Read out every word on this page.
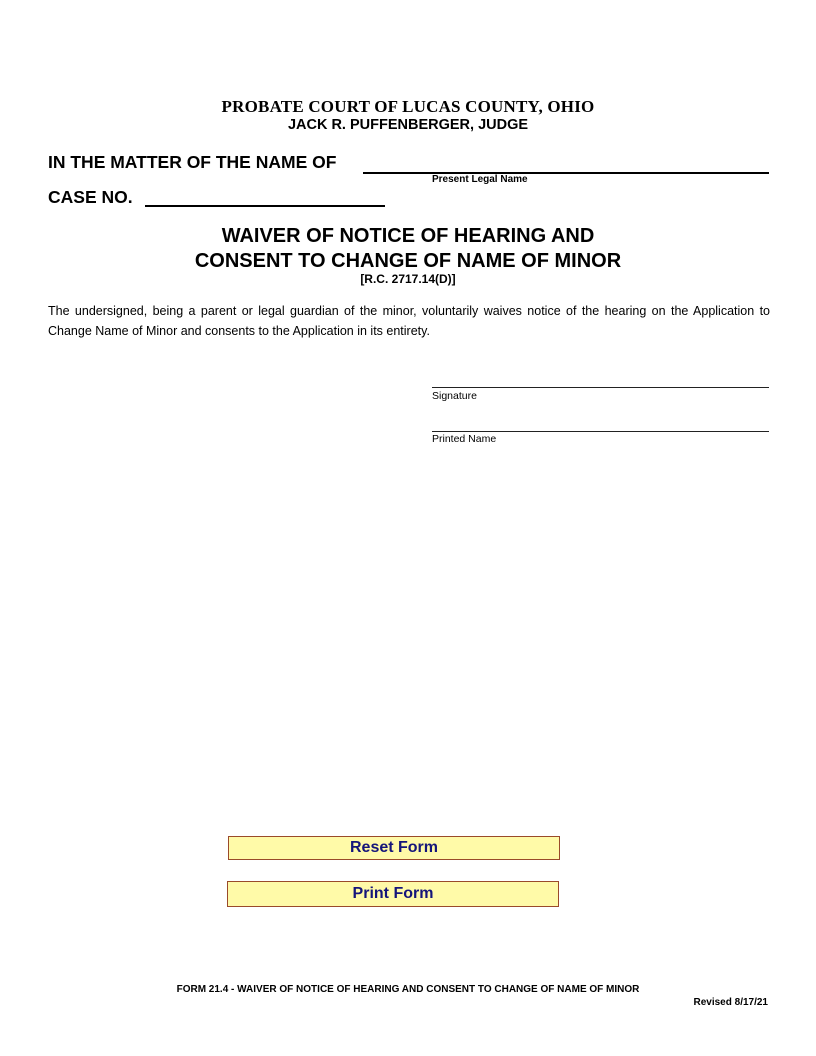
PROBATE COURT OF LUCAS COUNTY, OHIO
JACK R. PUFFENBERGER, JUDGE
IN THE MATTER OF THE NAME OF
Present Legal Name
CASE NO.
WAIVER OF NOTICE OF HEARING AND
CONSENT TO CHANGE OF NAME OF MINOR
[R.C. 2717.14(D)]
The undersigned, being a parent or legal guardian of the minor, voluntarily waives notice of the hearing on the Application to Change Name of Minor and consents to the Application in its entirety.
Signature
Printed Name
Reset Form
Print Form
FORM 21.4 - WAIVER OF NOTICE OF HEARING AND CONSENT TO CHANGE OF NAME OF MINOR
Revised 8/17/21
